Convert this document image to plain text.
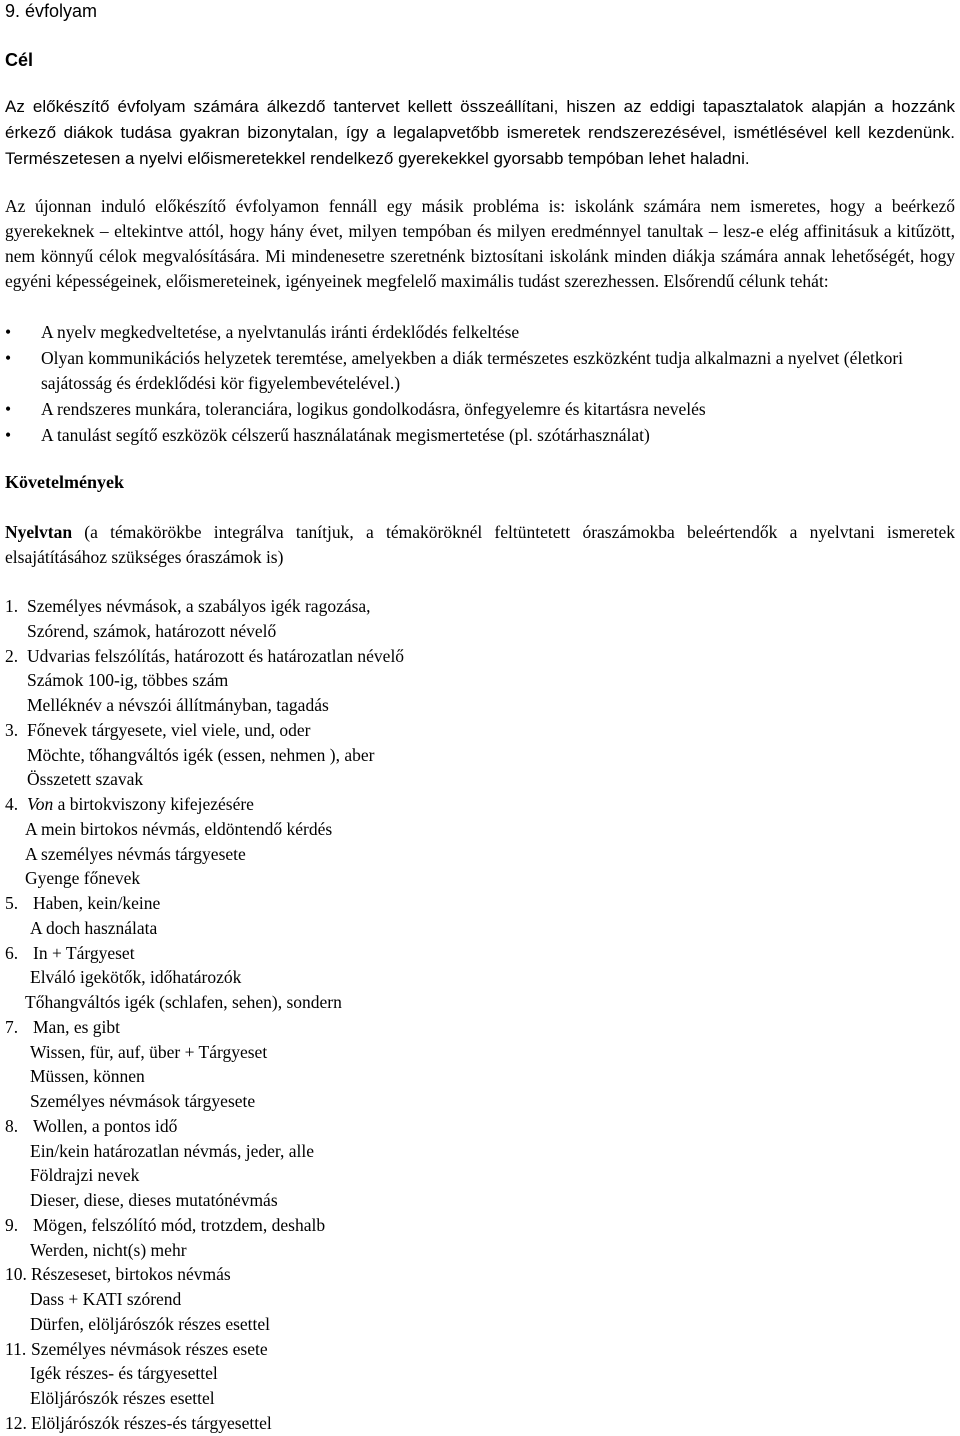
9. évfolyam
Cél

Az előkészítő évfolyam számára álkezdő tantervet kellett összeállítani, hiszen az eddigi tapasztalatok alapján a hozzánk érkező diákok tudása gyakran bizonytalan, így a legalapvetőbb ismeretek rendszerezésével, ismétlésével kell kezdenünk. Természetesen a nyelvi előismeretekkel rendelkező gyerekekkel gyorsabb tempóban lehet haladni.

Az újonnan induló előkészítő évfolyamon fennáll egy másik probléma is: iskolánk számára nem ismeretes, hogy a beérkező gyerekeknek – eltekintve attól, hogy hány évet, milyen tempóban és milyen eredménnyel tanultak – lesz-e elég affinitásuk a kitűzött, nem könnyű célok megvalósítására. Mi mindenesetre szeretnénk biztosítani iskolánk minden diákja számára annak lehetőségét, hogy egyéni képességeinek, előismereteinek, igényeinek megfelelő maximális tudást szerezhessen. Elsőrendű célunk tehát:

• A nyelv megkedveltetése, a nyelvtanulás iránti érdeklődés felkeltése
• Olyan kommunikációs helyzetek teremtése, amelyekben a diák természetes eszközként tudja alkalmazni a nyelvet (életkori sajátosság és érdeklődési kör figyelembevételével.)
• A rendszeres munkára, toleranciára, logikus gondolkodásra, önfegyelemre és kitartásra nevelés
• A tanulást segítő eszközök célszerű használatának megismertetése (pl. szótárhasználat)
Követelmények

Nyelvtan (a témakörökbe integrálva tanítjuk, a témaköröknél feltüntetett óraszámokba beleértendők a nyelvtani ismeretek elsajátításához szükséges óraszámok is)

1. Személyes névmások, a szabályos igék ragozása,
Szórend, számok, határozott névelő
2. Udvarias felszólítás, határozott és határozatlan névelő
Számok 100-ig, többes szám
Melléknév a névszói állítmányban, tagadás
3. Főnevek tárgyesete, viel viele, und, oder
Möchte, tőhangváltós igék (essen, nehmen ), aber
Összetett szavak
4. Von a birtokviszony kifejezésére
A mein birtokos névmás, eldöntendő kérdés
A személyes névmás tárgyesete
Gyenge főnevek
5. Haben, kein/keine
A doch használata
6. In + Tárgyeset
Elváló igekötők, időhatározók
Tőhangváltós igék (schlafen, sehen), sondern
7. Man, es gibt
Wissen, für, auf, über + Tárgyeset
Müssen, können
Személyes névmások tárgyesete
8. Wollen, a pontos idő
Ein/kein határozatlan névmás, jeder, alle
Földrajzi nevek
Dieser, diese, dieses mutatónévmás
9. Mögen, felszólító mód, trotzdem, deshalb
Werden, nicht(s) mehr
10. Részeseset, birtokos névmás
Dass + KATI szórend
Dürfen, elöljárószók részes esettel
11. Személyes névmások részes esete
Igék részes- és tárgyesettel
Elöljárószók részes esettel
12. Elöljárószók részes-és tárgyesettel
